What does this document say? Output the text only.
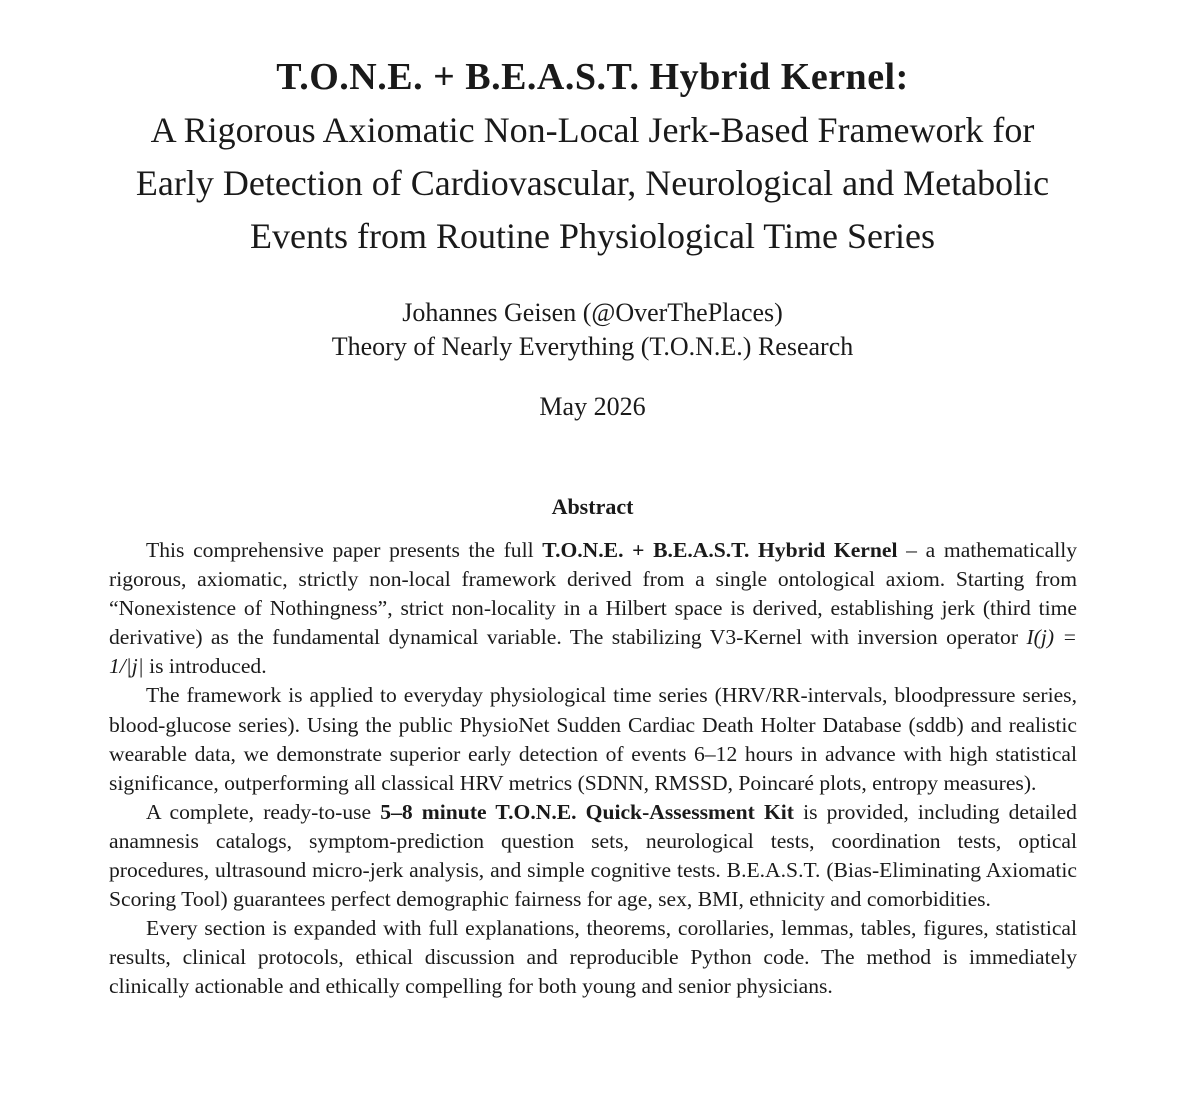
T.O.N.E. + B.E.A.S.T. Hybrid Kernel:
A Rigorous Axiomatic Non-Local Jerk-Based Framework for
Early Detection of Cardiovascular, Neurological and Metabolic
Events from Routine Physiological Time Series
Johannes Geisen (@OverThePlaces)
Theory of Nearly Everything (T.O.N.E.) Research
May 2026
Abstract

This comprehensive paper presents the full T.O.N.E. + B.E.A.S.T. Hybrid Kernel – a mathematically rigorous, axiomatic, strictly non-local framework derived from a single ontological axiom. Starting from “Nonexistence of Nothingness”, strict non-locality in a Hilbert space is derived, establishing jerk (third time derivative) as the fundamental dynamical variable. The stabilizing V3-Kernel with inversion operator I(j) = 1/|j| is introduced.

The framework is applied to everyday physiological time series (HRV/RR-intervals, bloodpressure series, blood-glucose series). Using the public PhysioNet Sudden Cardiac Death Holter Database (sddb) and realistic wearable data, we demonstrate superior early detection of events 6–12 hours in advance with high statistical significance, outperforming all classical HRV metrics (SDNN, RMSSD, Poincaré plots, entropy measures).

A complete, ready-to-use 5–8 minute T.O.N.E. Quick-Assessment Kit is provided, including detailed anamnesis catalogs, symptom-prediction question sets, neurological tests, coordination tests, optical procedures, ultrasound micro-jerk analysis, and simple cognitive tests. B.E.A.S.T. (Bias-Eliminating Axiomatic Scoring Tool) guarantees perfect demographic fairness for age, sex, BMI, ethnicity and comorbidities.

Every section is expanded with full explanations, theorems, corollaries, lemmas, tables, figures, statistical results, clinical protocols, ethical discussion and reproducible Python code. The method is immediately clinically actionable and ethically compelling for both young and senior physicians.
